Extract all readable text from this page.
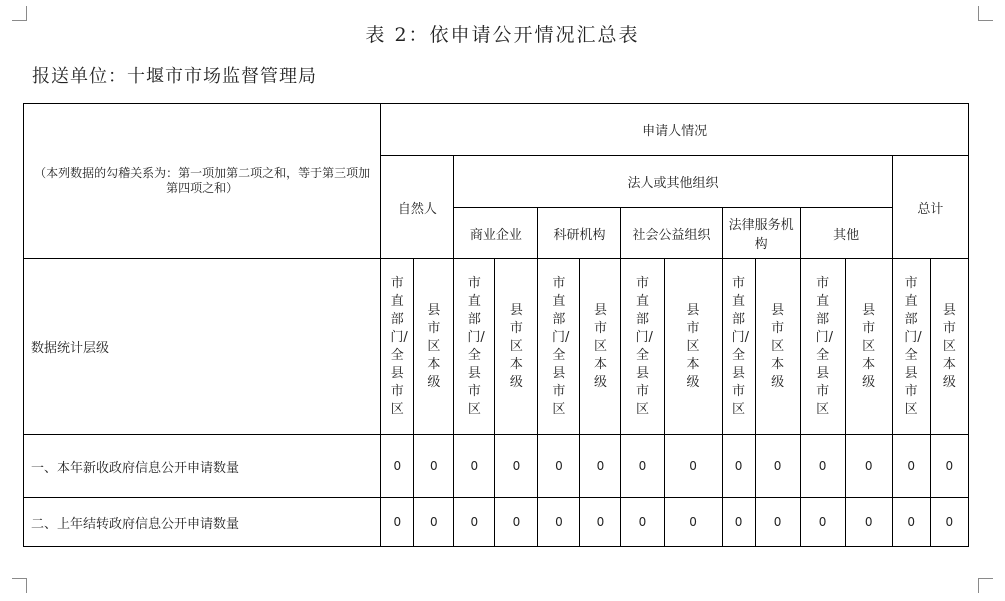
表 2：依申请公开情况汇总表
报送单位：十堰市市场监督管理局
（本列数据的勾稽关系为：第一项加第二项之和，等于第三项加第四项之和）	申请人情况													
	自然人		法人或其他组织										总计	
			商业企业		科研机构		社会公益组织		法律服务机构		其他			
数据统计层级	市直部门/全县市区	县市区本级	市直部门/全县市区	县市区本级	市直部门/全县市区	县市区本级	市直部门/全县市区	县市区本级	市直部门/全县市区	县市区本级	市直部门/全县市区	县市区本级	市直部门/全县市区	县市区本级
一、本年新收政府信息公开申请数量	0	0	0	0	0	0	0	0	0	0	0	0	0	0
二、上年结转政府信息公开申请数量	0	0	0	0	0	0	0	0	0	0	0	0	0	0
